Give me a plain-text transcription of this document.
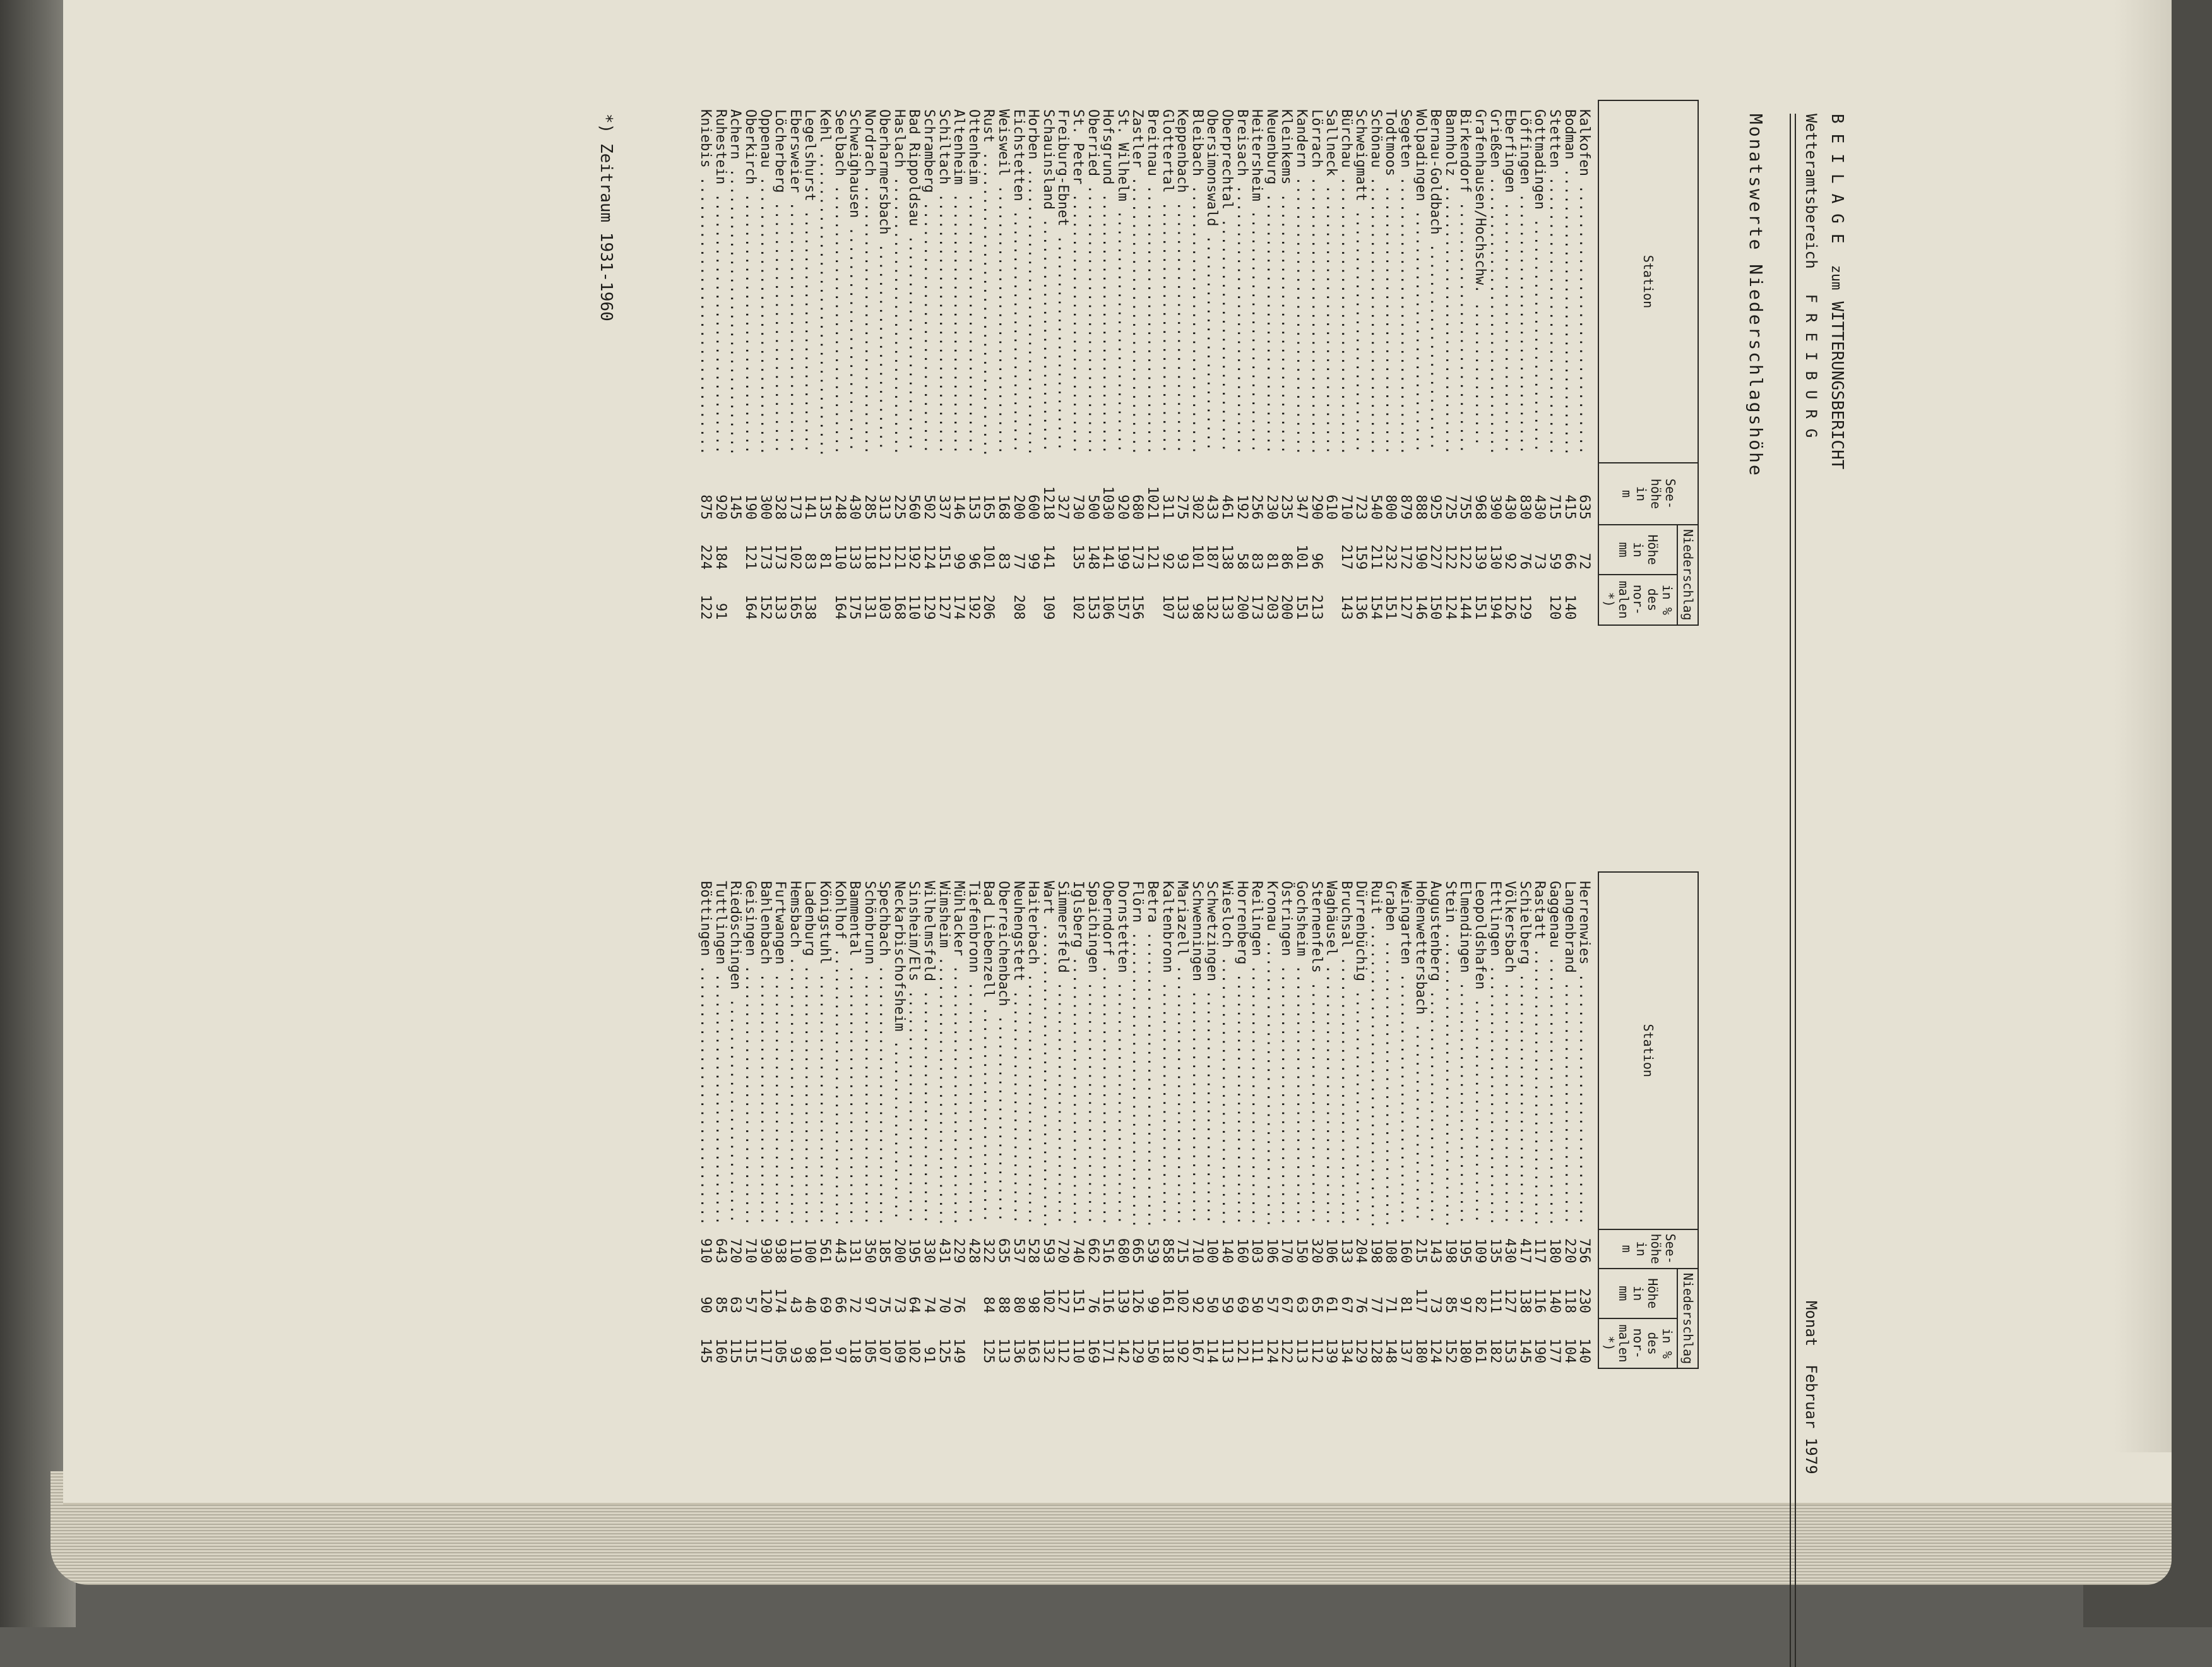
BEILAGEzumWITTERUNGSBERICHT
WetteramtsbereichFREIBURG
Monat  Februar 1979
Monatswerte Niederschlagshöhe
Station	See-
höhe
in
m	Niederschlag	
		Höhe
in
mm	in %
des
nor-
malen
*)
Kalkofen ..............................	635	72	
Bodman ................................	415	66	140
Stetten ...............................	715	59	120
Gottmadingen ..........................	430	73	
Löffingen .............................	830	76	129
Eberfingen ............................	430	92	126
Grießen ...............................	390	130	194
Grafenhausen/Hochschw. ................	968	139	151
Birkendorf ............................	755	122	144
Bannholz ..............................	725	122	124
Bernau-Goldbach .......................	925	227	150
Wolpadingen ...........................	888	190	146
Segeten ...............................	879	172	127
Todtmoos ..............................	800	232	151
Schönau ...............................	540	211	154
Schweigmatt ...........................	723	159	136
Bürchau ...............................	710	217	143
Sallneck ..............................	610		
Lörrach ...............................	290	96	213
Kandern ...............................	347	101	151
Kleinkems .............................	235	86	200
Neuenburg .............................	230	81	203
Heitersheim ...........................	256	83	173
Breisach ..............................	192	58	200
Oberprechtal ..........................	461	138	133
Obersimonswald ........................	433	187	132
Bleibach ..............................	302	101	98
Keppenbach ............................	275	93	133
Glottertal ............................	311	92	107
Breitnau ..............................	1021	121	
Zastler ...............................	680	173	156
St. Wilhelm ...........................	920	199	157
Hofsgrund .............................	1030	141	106
Oberried ..............................	500	148	153
St. Peter .............................	730	135	102
Freiburg-Ebnet ........................	327		
Schauinsland ..........................	1218	141	109
Horben ................................	600	99	
Eichstetten ...........................	200	77	208
Weisweil ..............................	168	83	
Rust ..................................	165	101	206
Ottenheim .............................	153	96	192
Altenheim .............................	146	99	174
Schiltach .............................	337	151	127
Schramberg ............................	502	124	129
Bad Rippoldsau ........................	560	192	110
Haslach ...............................	225	121	168
Oberharmersbach .......................	313	121	103
Nordrach ..............................	285	118	131
Schweighausen .........................	430	133	175
Seelbach ..............................	248	110	164
Kehl ..................................	135	81	
Legelshurst ...........................	141	83	138
Ebersweier ............................	173	102	165
Löcherberg ............................	328	173	133
Oppenau ...............................	300	173	152
Oberkirch .............................	190	121	164
Achern ................................	145		
Ruhestein .............................	920	184	91
Kniebis ...............................	875	224	122
Station	See-
höhe
in
m	Niederschlag	
		Höhe
in
mm	in %
des
nor-
malen
*)
Herrenwies ............................	756	230	140
Langenbrand ...........................	220	118	104
Gaggenau ..............................	180	140	177
Rastatt ...............................	117	116	190
Schielberg ............................	417	138	145
Völkersbach ...........................	430	127	153
Ettlingen .............................	135	111	182
Leopoldshafen .........................	109	82	161
Elmendingen ...........................	195	97	180
Stein .................................	198	85	152
Augustenberg ..........................	143	73	124
Hohenwettersbach ......................	215	117	180
Weingarten ............................	160	81	137
Graben ................................	108	71	148
Ruit ..................................	198	77	128
Dürrenbüchig ..........................	204	76	129
Bruchsal ..............................	133	67	134
Waghäusel .............................	106	61	139
Sternenfels ...........................	320	65	112
Gochsheim .............................	150	63	113
Östringen .............................	170	67	122
Kronau ................................	106	57	124
Reilingen .............................	103	50	111
Horrenberg ............................	160	69	121
Wiesloch ..............................	140	59	113
Schwetzingen ..........................	100	50	114
Schwenningen ..........................	710	92	167
Mariazell .............................	715	102	192
Kaltenbronn ...........................	858	161	118
Betra .................................	539	99	150
Flörn .................................	665	126	129
Dornstetten ...........................	680	139	142
Oberndorf .............................	516	116	171
Spaichingen ...........................	662	76	169
Iglsberg ..............................	740	151	110
Simmersfeld ...........................	720	127	112
Wart ..................................	593	102	132
Haiterbach ............................	528	98	163
Neuhengstett ..........................	537	80	136
Oberreichenbach .......................	635	88	113
Bad Liebenzell ........................	322	84	125
Tiefenbronn ...........................	428		
Mühlacker .............................	229	76	149
Wimsheim ..............................	431	70	125
Wilhelmsfeld ..........................	330	74	91
Sinsheim/Els ..........................	195	64	102
Neckarbischofsheim ....................	200	73	109
Spechbach .............................	185	75	107
Schönbrunn ............................	350	97	105
Bammental .............................	131	72	118
Kohlhof ...............................	443	66	97
Königstuhl ............................	561	69	101
Ladenburg .............................	100	40	98
Hemsbach ..............................	110	43	93
Furtwangen ............................	938	174	105
Bahlenbach ............................	930	120	117
Geisingen .............................	710	57	115
Riedöschingen .........................	720	63	115
Tuttlingen ............................	643	85	160
Böttingen .............................	910	90	145
*) Zeitraum 1931-1960
